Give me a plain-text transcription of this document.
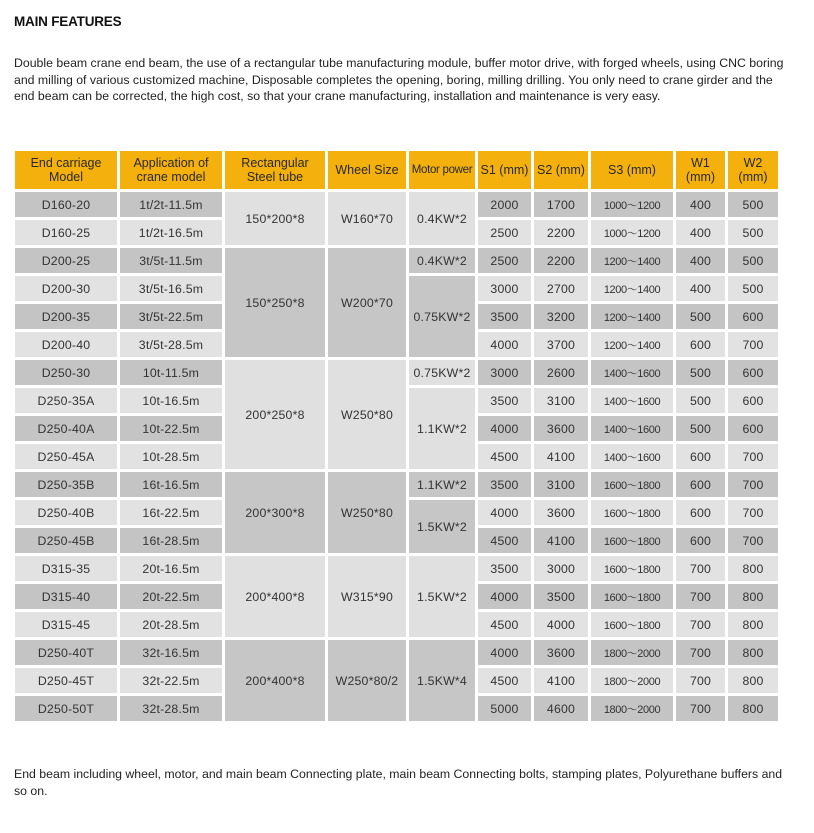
MAIN FEATURES
Double beam crane end beam, the use of a rectangular tube manufacturing module, buffer motor drive, with forged wheels, using CNC boring and milling of various customized machine, Disposable completes the opening, boring, milling drilling. You only need to crane girder and the end beam can be corrected, the high cost, so that your crane manufacturing, installation and maintenance is very easy.
End carriage Model	Application of crane model	Rectangular Steel tube	Wheel Size	Motor power	S1 (mm)	S2 (mm)	S3 (mm)	W1 (mm)	W2 (mm)
D160-20	1t/2t-11.5m	150*200*8	W160*70	0.4KW*2	2000	1700	1000～1200	400	500
D160-25	1t/2t-16.5m				2500	2200	1000～1200	400	500
D200-25	3t/5t-11.5m	150*250*8	W200*70	0.4KW*2	2500	2200	1200～1400	400	500
D200-30	3t/5t-16.5m			0.75KW*2	3000	2700	1200～1400	400	500
D200-35	3t/5t-22.5m				3500	3200	1200～1400	500	600
D200-40	3t/5t-28.5m				4000	3700	1200～1400	600	700
D250-30	10t-11.5m	200*250*8	W250*80	0.75KW*2	3000	2600	1400～1600	500	600
D250-35A	10t-16.5m			1.1KW*2	3500	3100	1400～1600	500	600
D250-40A	10t-22.5m				4000	3600	1400～1600	500	600
D250-45A	10t-28.5m				4500	4100	1400～1600	600	700
D250-35B	16t-16.5m	200*300*8	W250*80	1.1KW*2	3500	3100	1600～1800	600	700
D250-40B	16t-22.5m			1.5KW*2	4000	3600	1600～1800	600	700
D250-45B	16t-28.5m				4500	4100	1600～1800	600	700
D315-35	20t-16.5m	200*400*8	W315*90	1.5KW*2	3500	3000	1600～1800	700	800
D315-40	20t-22.5m				4000	3500	1600～1800	700	800
D315-45	20t-28.5m				4500	4000	1600～1800	700	800
D250-40T	32t-16.5m	200*400*8	W250*80/2	1.5KW*4	4000	3600	1800～2000	700	800
D250-45T	32t-22.5m				4500	4100	1800～2000	700	800
D250-50T	32t-28.5m				5000	4600	1800～2000	700	800
End beam including wheel, motor, and main beam Connecting plate, main beam Connecting bolts, stamping plates, Polyurethane buffers and so on.
